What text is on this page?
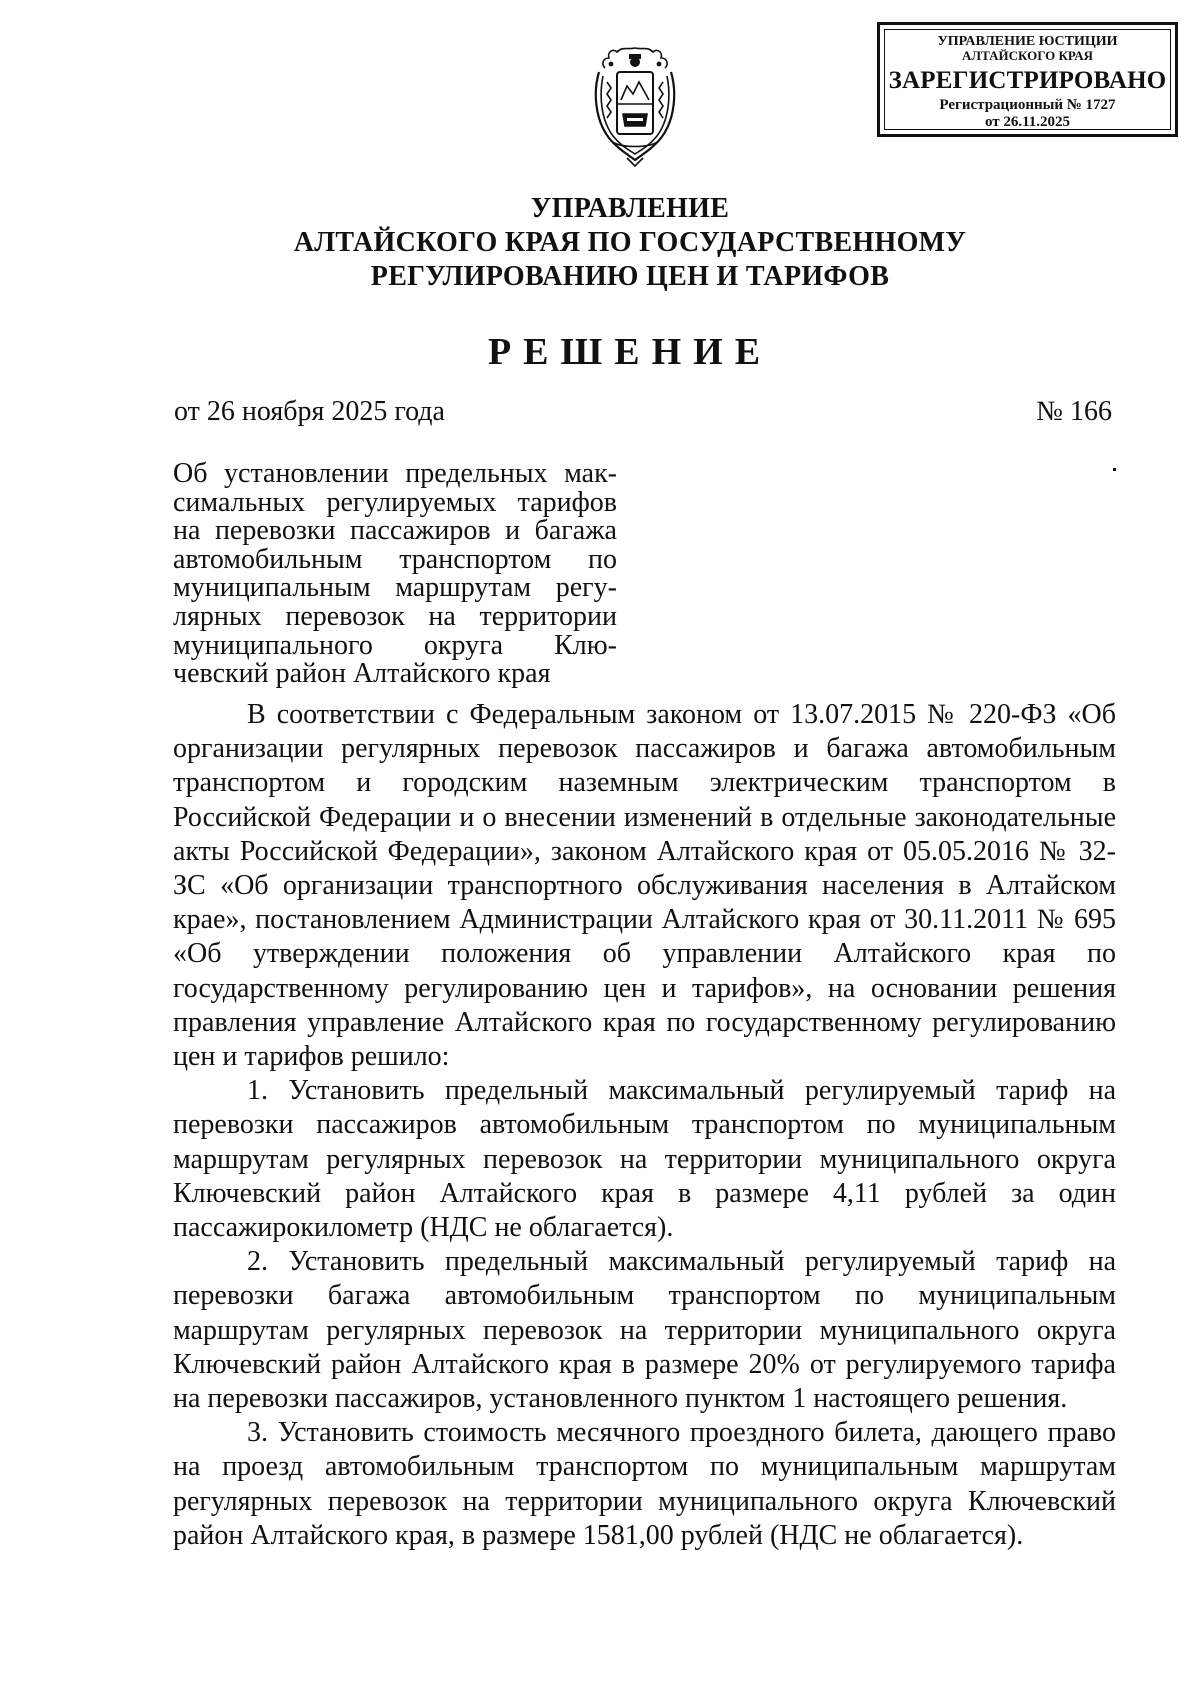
УПРАВЛЕНИЕ ЮСТИЦИИ
АЛТАЙСКОГО КРАЯ
ЗАРЕГИСТРИРОВАНО
Регистрационный № 1727
от 26.11.2025
УПРАВЛЕНИЕ
АЛТАЙСКОГО КРАЯ ПО ГОСУДАРСТВЕННОМУ
РЕГУЛИРОВАНИЮ ЦЕН И ТАРИФОВ
РЕШЕНИЕ
от 26 ноября 2025 года	№ 166
Об установлении предельных мак-
симальных регулируемых тарифов
на перевозки пассажиров и багажа
автомобильным транспортом по
муниципальным маршрутам регу-
лярных перевозок на территории
муниципального округа Клю-
чевский район Алтайского края

В соответствии с Федеральным законом от 13.07.2015 № 220-ФЗ «Об организации регулярных перевозок пассажиров и багажа автомобильным транспортом и городским наземным электрическим транспортом в Российской Федерации и о внесении изменений в отдельные законодательные акты Российской Федерации», законом Алтайского края от 05.05.2016 № 32-ЗС «Об организации транспортного обслуживания населения в Алтайском крае», постановлением Администрации Алтайского края от 30.11.2011 № 695 «Об утверждении положения об управлении Алтайского края по государственному регулированию цен и тарифов», на основании решения правления управление Алтайского края по государственному регулированию цен и тарифов решило:

1. Установить предельный максимальный регулируемый тариф на перевозки пассажиров автомобильным транспортом по муниципальным маршрутам регулярных перевозок на территории муниципального округа Ключевский район Алтайского края в размере 4,11 рублей за один пассажирокилометр (НДС не облагается).

2. Установить предельный максимальный регулируемый тариф на перевозки багажа автомобильным транспортом по муниципальным маршрутам регулярных перевозок на территории муниципального округа Ключевский район Алтайского края в размере 20% от регулируемого тарифа на перевозки пассажиров, установленного пунктом 1 настоящего решения.

3. Установить стоимость месячного проездного билета, дающего право на проезд автомобильным транспортом по муниципальным маршрутам регулярных перевозок на территории муниципального округа Ключевский район Алтайского края, в размере 1581,00 рублей (НДС не облагается).
